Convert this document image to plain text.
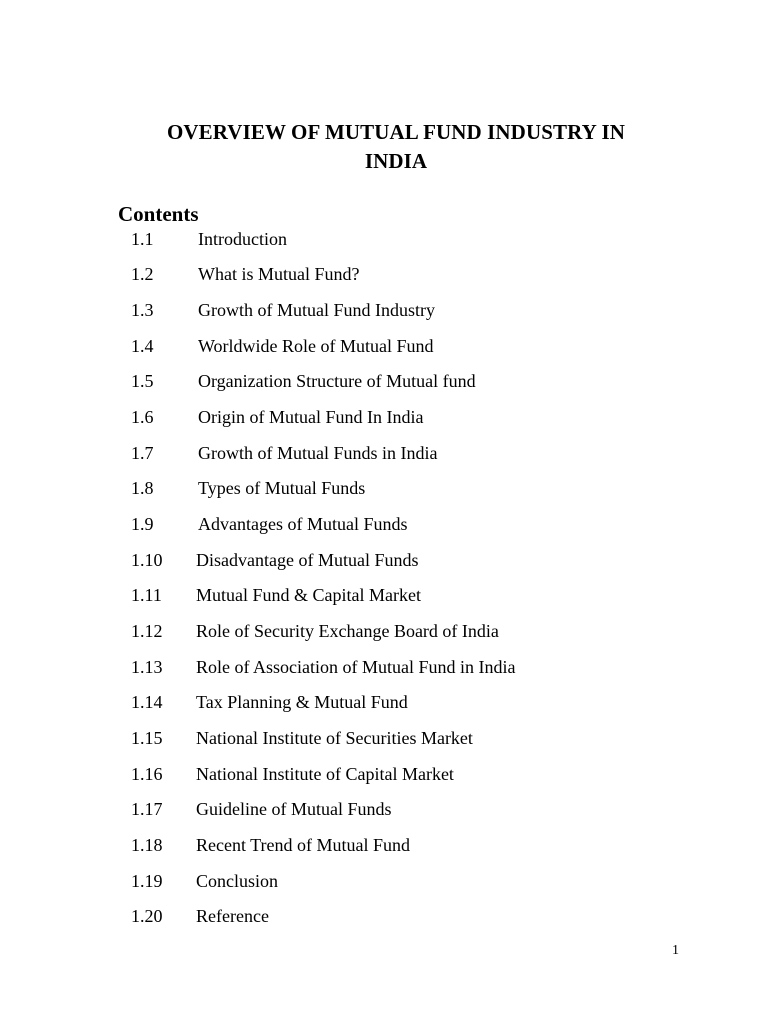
OVERVIEW OF MUTUAL FUND INDUSTRY IN
INDIA
Contents
1.1 Introduction
1.2 What is Mutual Fund?
1.3 Growth of Mutual Fund Industry
1.4 Worldwide Role of Mutual Fund
1.5 Organization Structure of Mutual fund
1.6 Origin of Mutual Fund In India
1.7 Growth of Mutual Funds in India
1.8 Types of Mutual Funds
1.9 Advantages of Mutual Funds
1.10 Disadvantage of Mutual Funds
1.11 Mutual Fund & Capital Market
1.12 Role of Security Exchange Board of India
1.13 Role of Association of Mutual Fund in India
1.14 Tax Planning & Mutual Fund
1.15 National Institute of Securities Market
1.16 National Institute of Capital Market
1.17 Guideline of Mutual Funds
1.18 Recent Trend of Mutual Fund
1.19 Conclusion
1.20 Reference
1
